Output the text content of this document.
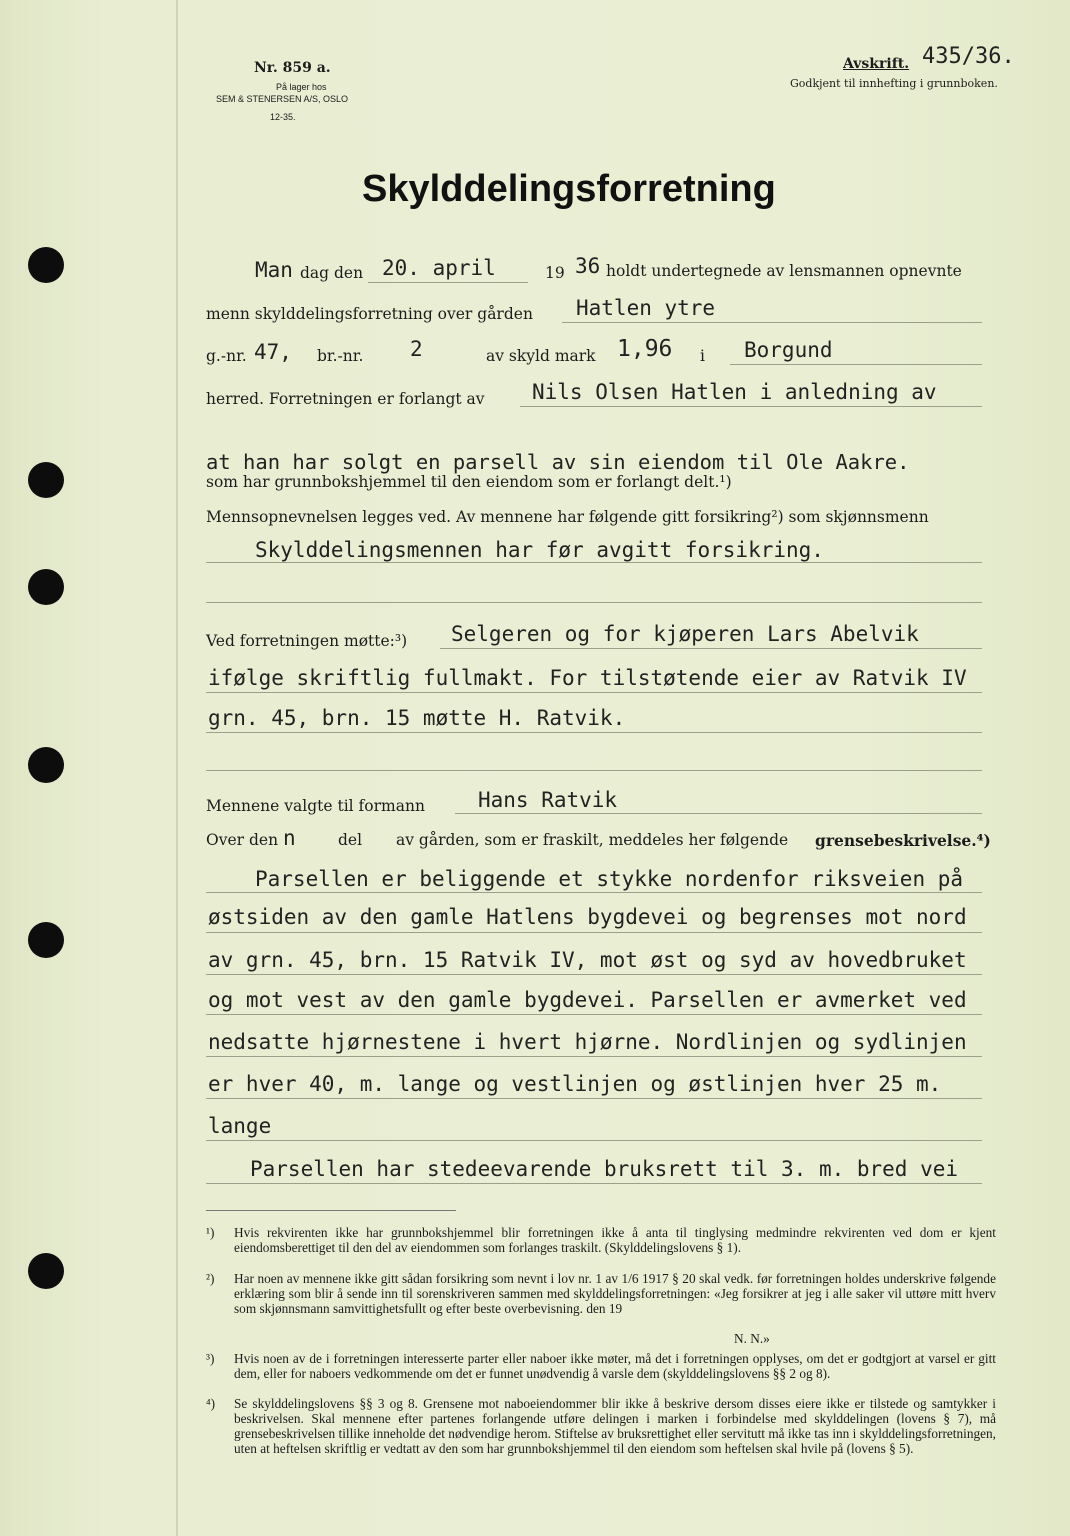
Nr. 859 a.
På lager hos
SEM & STENERSEN A/S, OSLO
12-35.
Avskrift. 435/36.
Godkjent til innhefting i grunnboken.
Skylddelingsforretning
Man dag den 20. april	19 36 holdt undertegnede av lensmannen opnevnte
menn skylddelingsforretning over gården Hatlen ytre
g.-nr. 47, br.-nr. 2	av skyld mark 1,96 i Borgund
herred. Forretningen er forlangt av Nils Olsen Hatlen i anledning av
at han har solgt en parsell av sin eiendom til Ole Aakre.
som har grunnbokshjemmel til den eiendom som er forlangt delt.¹)
Mennsopnevnelsen legges ved. Av mennene har følgende gitt forsikring²) som skjønnsmenn
Skylddelingsmennen har før avgitt forsikring.
Ved forretningen møtte:³) Selgeren og for kjøperen Lars Abelvik
ifølge skriftlig fullmakt. For tilstøtende eier av Ratvik IV
grn. 45, brn. 15 møtte H. Ratvik.
Mennene valgte til formann	Hans Ratvik
Over den n	del av gården, som er fraskilt, meddeles her følgende grensebeskrivelse.⁴)
Parsellen er beliggende et stykke nordenfor riksveien på
østsiden av den gamle Hatlens bygdevei og begrenses mot nord
av grn. 45, brn. 15 Ratvik IV, mot øst og syd av hovedbruket
og mot vest av den gamle bygdevei. Parsellen er avmerket ved
nedsatte hjørnestene i hvert hjørne. Nordlinjen og sydlinjen
er hver 40, m. lange og vestlinjen og østlinjen hver 25 m.
lange
Parsellen har stedeevarende bruksrett til 3. m. bred vei
¹) Hvis rekvirenten ikke har grunnbokshjemmel blir forretningen ikke å anta til tinglysing medmindre rekvirenten ved dom er kjent eiendomsberettiget til den del av eiendommen som forlanges traskilt. (Skylddelingslovens § 1).
²) Har noen av mennene ikke gitt sådan forsikring som nevnt i lov nr. 1 av 1/6 1917 § 20 skal vedk. før forretningen holdes underskrive følgende erklæring som blir å sende inn til sorenskriveren sammen med skylddelingsforretningen: «Jeg forsikrer at jeg i alle saker vil uttøre mitt hverv som skjønnsmann samvittighetsfullt og efter beste overbevisning. den 19
N. N.»
³) Hvis noen av de i forretningen interesserte parter eller naboer ikke møter, må det i forretningen opplyses, om det er godtgjort at varsel er gitt dem, eller for naboers vedkommende om det er funnet unødvendig å varsle dem (skylddelingslovens §§ 2 og 8).
⁴) Se skylddelingslovens §§ 3 og 8. Grensene mot naboeiendommer blir ikke å beskrive dersom disses eiere ikke er tilstede og samtykker i beskrivelsen. Skal mennene efter partenes forlangende utføre delingen i marken i forbindelse med skylddelingen (lovens § 7), må grensebeskrivelsen tillike inneholde det nødvendige herom. Stiftelse av bruksrettighet eller servitutt må ikke tas inn i skylddelingsforretningen, uten at heftelsen skriftlig er vedtatt av den som har grunnbokshjemmel til den eiendom som heftelsen skal hvile på (lovens § 5).
